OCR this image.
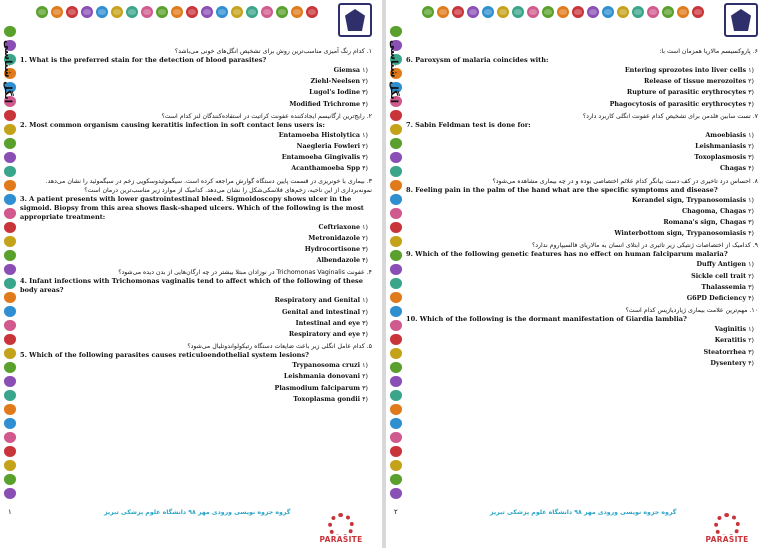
انگل شناسی	۱. کدام رنگ آمیزی مناسب‌ترین روش برای تشخیص انگل‌های خونی می‌باشد؟
1. What is the preferred stain for the detection of blood parasites?
Giemsa ۱)
Ziehl-Neelsen ۲)
Lugol's Iodine ۳)
Modified Trichrome ۴)
۲. رایج‌ترین ارگانیسم ایجادکننده عفونت کراتیت در استفاده‌کنندگان لنز کدام است؟
2. Most common organism causing keratitis infection in soft contact lens users is:
Entamoeba Histolytica ۱)
Naegleria Fowleri ۲)
Entamoeba Gingivalis ۳)
Acanthamoeba Spp ۴)
۳. بیماری با خونریزی در قسمت پایین دستگاه گوارش مراجعه کرده است. سیگموئیدوسکوپی زخم در سیگموئید را نشان می‌دهد. نمونه‌برداری از این ناحیه، زخم‌های فلاسکی‌شکل را نشان می‌دهد. کدامیک از موارد زیر مناسب‌ترین درمان است؟
3. A patient presents with lower gastrointestinal bleed. Sigmoidoscopy shows ulcer in the sigmoid. Biopsy from this area shows flask–shaped ulcers. Which of the following is the most appropriate treatment:
Ceftriaxone ۱)
Metronidazole ۲)
Hydrocortisone ۳)
Albendazole ۴)
۴. عفونت Trichomonas Vaginalis در نوزادان مبتلا بیشتر در چه ارگان‌هایی از بدن دیده می‌شود؟
4. Infant infections with Trichomonas vaginalis tend to affect which of the following of these body areas?
Respiratory and Genital ۱)
Genital and intestinal ۲)
Intestinal and eye ۳)
Respiratory and eye ۴)
۵. کدام عامل انگلی زیر باعث ضایعات دستگاه رتیکولواندوتلیال می‌شود؟
5. Which of the following parasites causes reticuloendothelial system lesions?
Trypanosoma cruzi ۱)
Leishmania donovani ۲)
Plasmodium falciparum ۳)
Toxoplasma gondii ۴)
۱	گروه جزوه نویسی ورودی مهر ۹۸ دانشگاه علوم پزشکی تبریز
PARASITE
انگل شناسی	۶. پاروکسیسم مالاریا همزمان است با:
6. Paroxysm of malaria coincides with:
Entering sprozotes into liver cells ۱)
Release of tissue merozoites ۲)
Rupture of parasitic erythrocytes ۳)
Phagocytosis of parasitic erythrocytes ۴)
۷. تست سابین فلدمن برای تشخیص کدام عفونت انگلی کاربرد دارد؟
7. Sabin Feldman test is done for:
Amoebiasis ۱)
Leishmaniasis ۲)
Toxoplasmosis ۳)
Chagas ۴)
۸. احساس درد تاخیری در کف دست بیانگر کدام علائم اختصاصی بوده و در چه بیماری مشاهده می‌شود؟
8. Feeling pain in the palm of the hand what are the specific symptoms and disease?
Kerandel sign, Trypanosomiasis ۱)
Chagoma, Chagas ۲)
Romana's sign, Chagas ۳)
Winterbottom sign, Trypanosomiasis ۴)
۹. کدامیک از اختصاصات ژنتیکی زیر تاثیری در ابتلای انسان به مالاریای فالسیپاروم ندارد؟
9. Which of the following genetic features has no effect on human falciparum malaria?
Duffy Antigen ۱)
Sickle cell trait ۲)
Thalassemia ۳)
G6PD Deficiency ۴)
۱۰. مهم‌ترین علامت بیماری ژیاردیازیس کدام است؟
10. Which of the following is the dormant manifestation of Giardia lamblia?
Vaginitis ۱)
Keratitis ۲)
Steatorrhea ۳)
Dysentery ۴)
۲	گروه جزوه نویسی ورودی مهر ۹۸ دانشگاه علوم پزشکی تبریز
PARASITE
